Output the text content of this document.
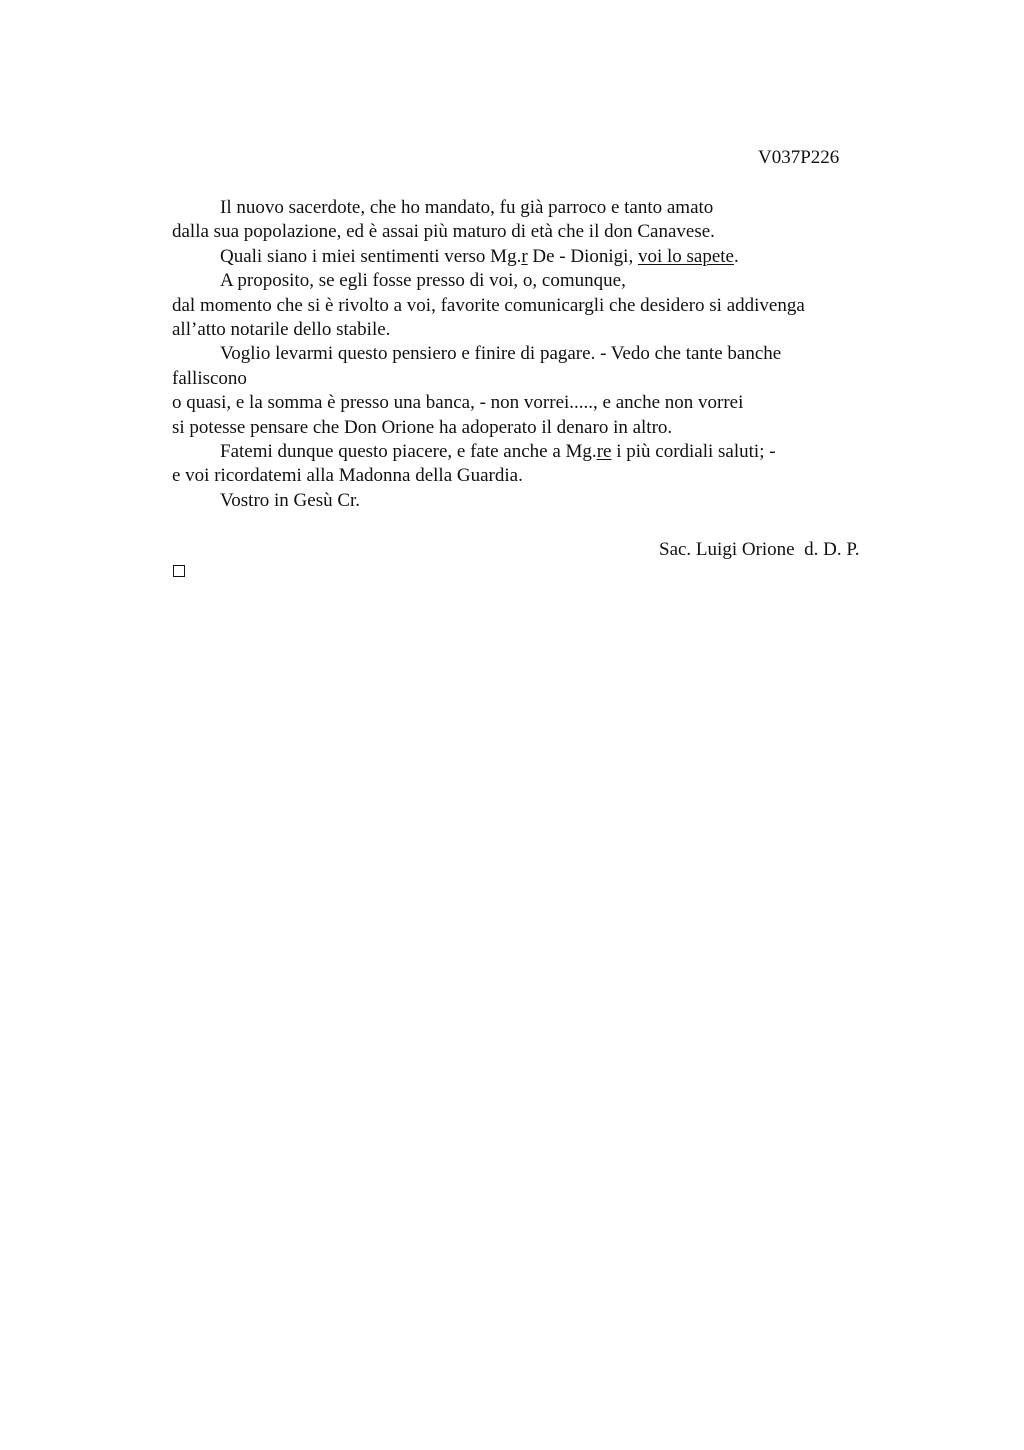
V037P226
Il nuovo sacerdote, che ho mandato, fu già parroco e tanto amato
dalla sua popolazione, ed è assai più maturo di età che il don Canavese.
Quali siano i miei sentimenti verso Mg.r De - Dionigi, voi lo sapete.
A proposito, se egli fosse presso di voi, o, comunque,
dal momento che si è rivolto a voi, favorite comunicargli che desidero si addivenga
all’atto notarile dello stabile.
Voglio levarmi questo pensiero e finire di pagare. - Vedo che tante banche
falliscono
o quasi, e la somma è presso una banca, - non vorrei....., e anche non vorrei
si potesse pensare che Don Orione ha adoperato il denaro in altro.
Fatemi dunque questo piacere, e fate anche a Mg.re i più cordiali saluti; -
e voi ricordatemi alla Madonna della Guardia.
Vostro in Gesù Cr.
Sac. Luigi Orione  d. D. P.
